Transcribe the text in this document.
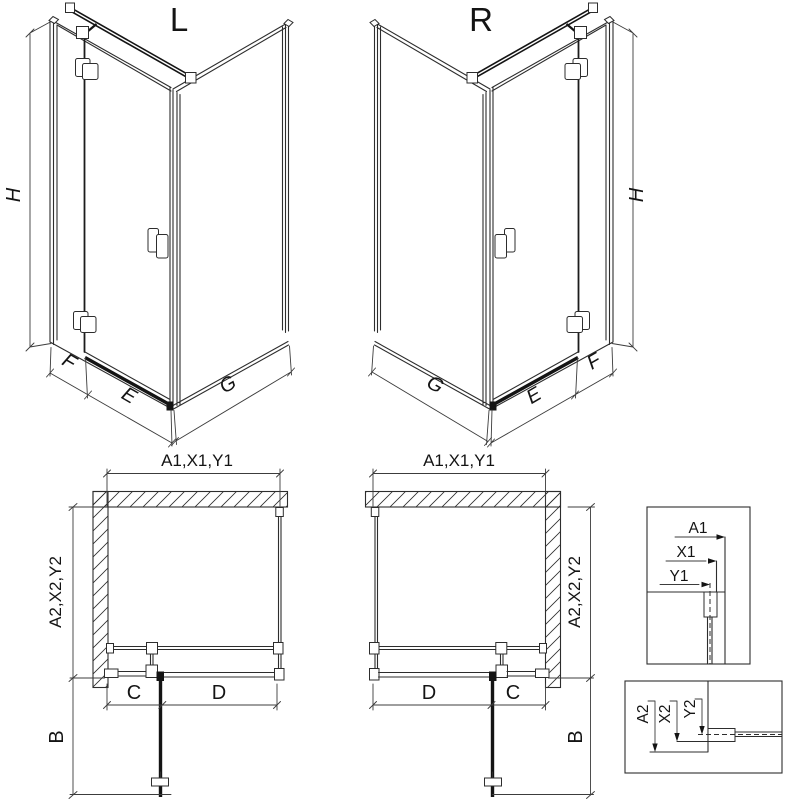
H
F
E	G
L
H
F
E
G
R
A1,X1,Y1
A2,X2,Y2
C	D
B
A1,X1,Y1
A2,X2,Y2
D	C
B
A1
X1
Y1
A2 X2 Y2
